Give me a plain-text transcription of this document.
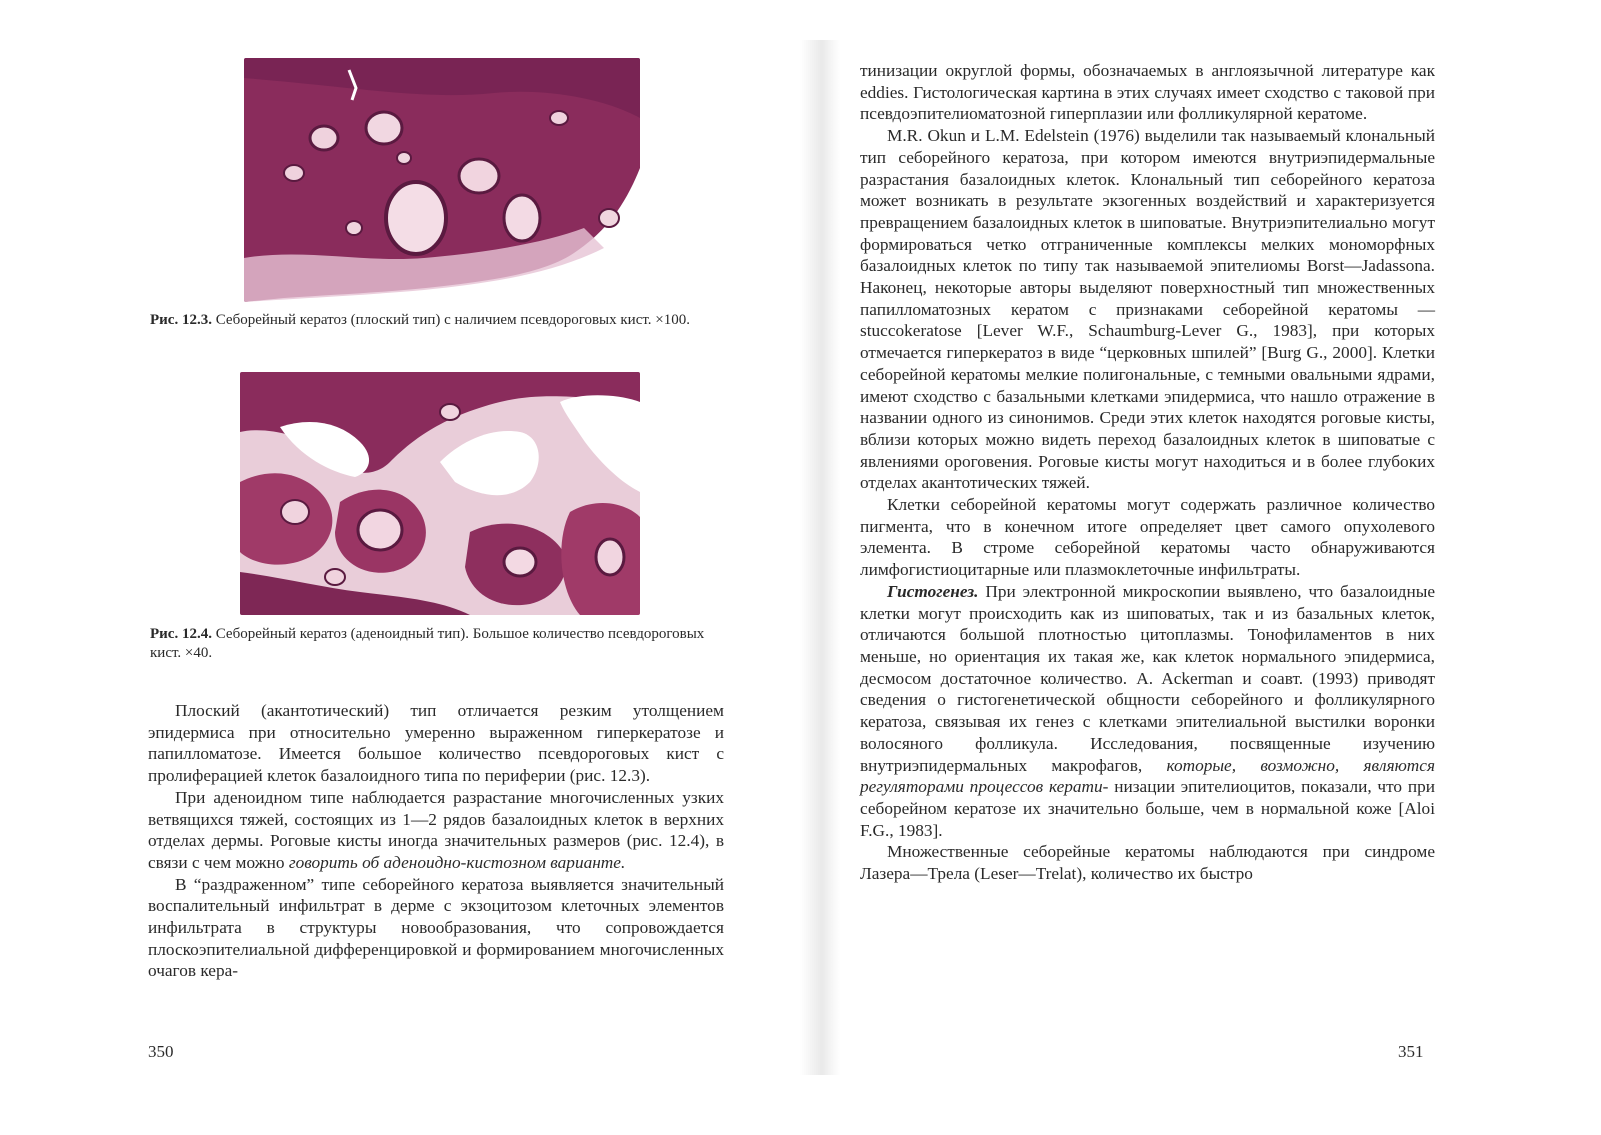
Рис. 12.3. Себорейный кератоз (плоский тип) с наличием псевдороговых кист. ×100.
Рис. 12.4. Себорейный кератоз (аденоидный тип). Большое количество псевдороговых кист. ×40.

Плоский (акантотический) тип отличается резким утолщением эпидермиса при относительно умеренно выраженном гиперкератозе и папилломатозе. Имеется большое количество псевдороговых кист с пролиферацией клеток базалоидного типа по периферии (рис. 12.3).

При аденоидном типе наблюдается разрастание многочисленных узких ветвящихся тяжей, состоящих из 1—2 рядов базалоидных клеток в верхних отделах дермы. Роговые кисты иногда значительных размеров (рис. 12.4), в связи с чем можно говорить об аденоидно-кистозном варианте.

В “раздраженном” типе себорейного кератоза выявляется значительный воспалительный инфильтрат в дерме с экзоцитозом клеточных элементов инфильтрата в структуры новообразования, что сопровождается плоскоэпителиальной дифференцировкой и формированием многочисленных очагов кера-

350

тинизации округлой формы, обозначаемых в англоязычной литературе как eddies. Гистологическая картина в этих случаях имеет сходство с таковой при псевдоэпителиоматозной гиперплазии или фолликулярной кератоме.

M.R. Okun и L.M. Edelstein (1976) выделили так называемый клональный тип себорейного кератоза, при котором имеются внутриэпидермальные разрастания базалоидных клеток. Клональный тип себорейного кератоза может возникать в результате экзогенных воздействий и характеризуется превращением базалоидных клеток в шиповатые. Внутриэпителиально могут формироваться четко отграниченные комплексы мелких мономорфных базалоидных клеток по типу так называемой эпителиомы Borst—Jadassona. Наконец, некоторые авторы выделяют поверхностный тип множественных папилломатозных кератом с признаками себорейной кератомы — stuccokeratose [Lever W.F., Schaumburg-Lever G., 1983], при которых отмечается гиперкератоз в виде “церковных шпилей” [Burg G., 2000]. Клетки себорейной кератомы мелкие полигональные, с темными овальными ядрами, имеют сходство с базальными клетками эпидермиса, что нашло отражение в названии одного из синонимов. Среди этих клеток находятся роговые кисты, вблизи которых можно видеть переход базалоидных клеток в шиповатые с явлениями ороговения. Роговые кисты могут находиться и в более глубоких отделах акантотических тяжей.

Клетки себорейной кератомы могут содержать различное количество пигмента, что в конечном итоге определяет цвет самого опухолевого элемента. В строме себорейной кератомы часто обнаруживаются лимфогистиоцитарные или плазмоклеточные инфильтраты.

Гистогенез. При электронной микроскопии выявлено, что базалоидные клетки могут происходить как из шиповатых, так и из базальных клеток, отличаются большой плотностью цитоплазмы. Тонофиламентов в них меньше, но ориентация их такая же, как клеток нормального эпидермиса, десмосом достаточное количество. A. Ackerman и соавт. (1993) приводят сведения о гистогенетической общности себорейного и фолликулярного кератоза, связывая их генез с клетками эпителиальной выстилки воронки волосяного фолликула. Исследования, посвященные изучению внутриэпидермальных макрофагов, которые, возможно, являются регуляторами процессов керати- низации эпителиоцитов, показали, что при себорейном кератозе их значительно больше, чем в нормальной коже [Aloi F.G., 1983].

Множественные себорейные кератомы наблюдаются при синдроме Лазера—Трела (Leser—Trelat), количество их быстро

351
